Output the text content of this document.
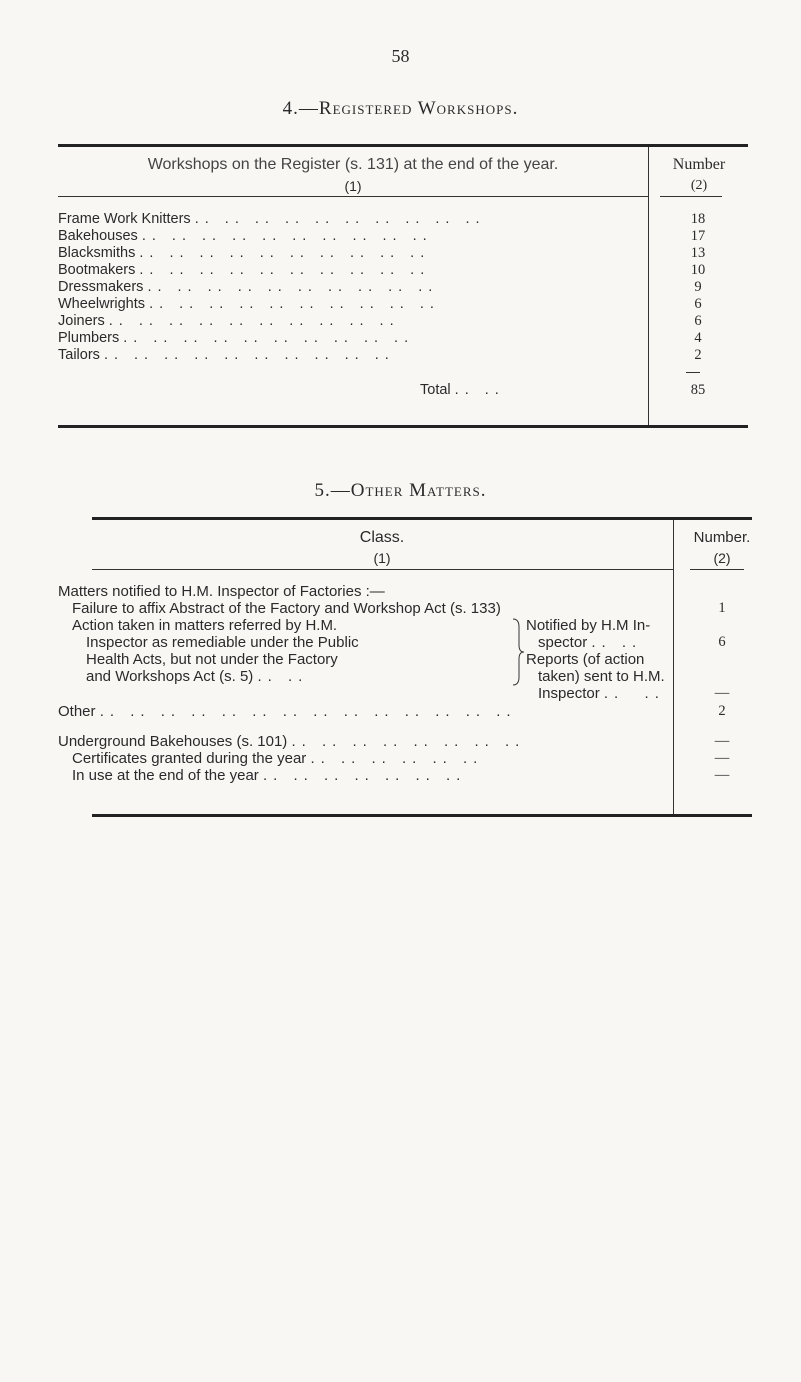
58
4.—Registered Workshops.
Workshops on the Register (s. 131) at the end of the year.
(1)
Number
(2)
Frame Work Knitters .. .. .. .. .. .. .. .. .. ..	18
Bakehouses .. .. .. .. .. .. .. .. .. ..	17
Blacksmiths .. .. .. .. .. .. .. .. .. ..	13
Bootmakers .. .. .. .. .. .. .. .. .. ..	10
Dressmakers .. .. .. .. .. .. .. .. .. ..	9
Wheelwrights .. .. .. .. .. .. .. .. .. ..	6
Joiners .. .. .. .. .. .. .. .. .. ..	6
Plumbers .. .. .. .. .. .. .. .. .. ..	4
Tailors .. .. .. .. .. .. .. .. .. ..	2
Total .. ..	85
5.—Other Matters.
Class.
(1)
Number.
(2)
Matters notified to H.M. Inspector of Factories :—
Failure to affix Abstract of the Factory and Workshop Act (s. 133)	1
Action taken in matters referred by H.M.
Inspector as remediable under the Public
Health Acts, but not under the Factory
and Workshops Act (s. 5) .. ..
Notified by H.M In-
spector .. ..	6
Reports (of action
taken) sent to H.M.
Inspector ..  ..	—
Other .. .. .. .. .. .. .. .. .. .. .. .. .. ..	2
Underground Bakehouses (s. 101) .. .. .. .. .. .. .. ..	—
Certificates granted during the year .. .. .. .. .. ..	—
In use at the end of the year .. .. .. .. .. .. ..	—
